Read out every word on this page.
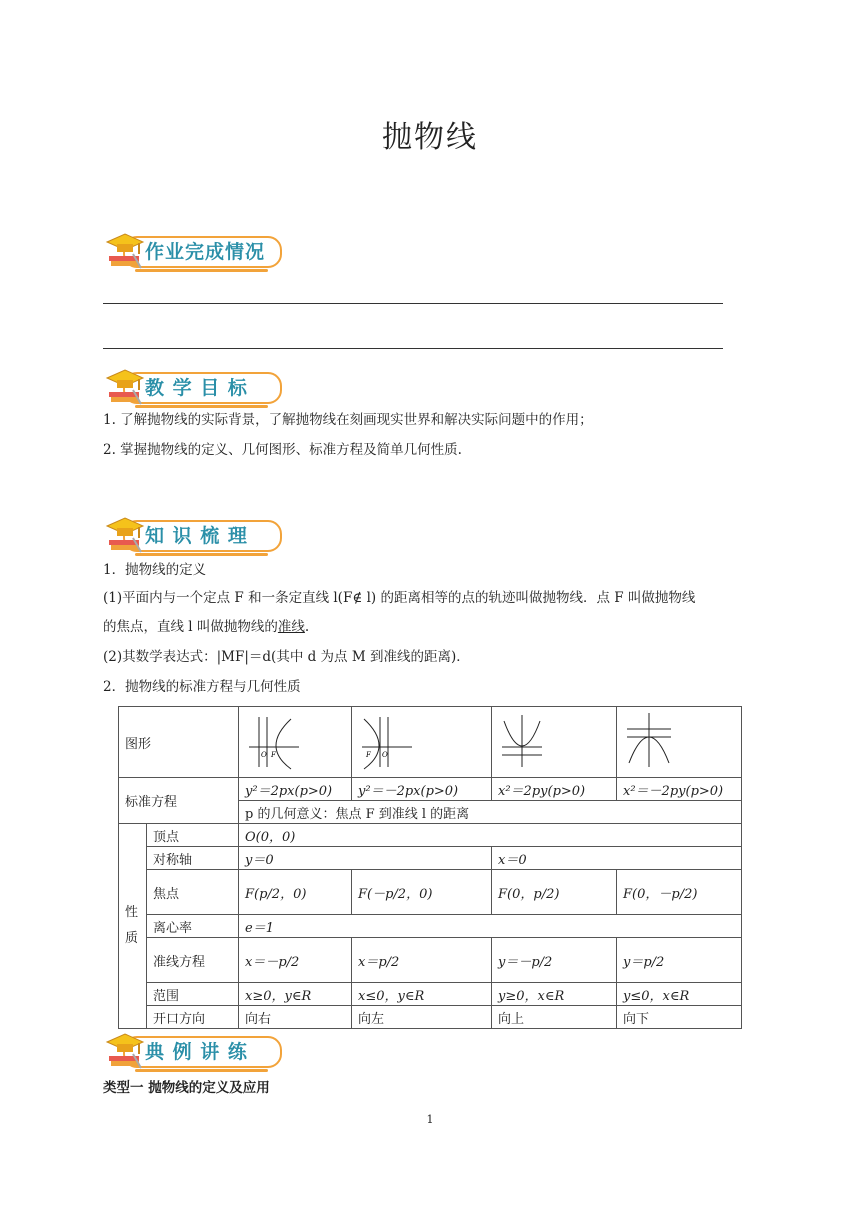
抛物线
作业完成情况
教 学 目 标
1. 了解抛物线的实际背景，了解抛物线在刻画现实世界和解决实际问题中的作用；
2. 掌握抛物线的定义、几何图形、标准方程及简单几何性质.
知 识 梳 理
1．抛物线的定义
(1)平面内与一个定点 F 和一条定直线 l(F∉ l) 的距离相等的点的轨迹叫做抛物线．点 F 叫做抛物线
的焦点，直线 l 叫做抛物线的准线.
(2)其数学表达式：|MF|＝d(其中 d 为点 M 到准线的距离)．
2．抛物线的标准方程与几何性质
图形		O F	F O

标准方程		y²＝2px(p>0)	y²＝－2px(p>0)	x²＝2py(p>0)	x²＝－2py(p>0)
		p 的几何意义：焦点 F 到准线 l 的距离			
性质	顶点	O(0，0)			
	对称轴	y＝0		x＝0	
	焦点	F(p/2，0)	F(－p/2，0)	F(0，p/2)	F(0，－p/2)
	离心率	e＝1			
	准线方程	x＝－p/2	x＝p/2	y＝－p/2	y＝p/2
	范围	x≥0，y∈R	x≤0，y∈R	y≥0，x∈R	y≤0，x∈R
	开口方向	向右	向左	向上	向下
典 例 讲 练
类型一 抛物线的定义及应用
1
